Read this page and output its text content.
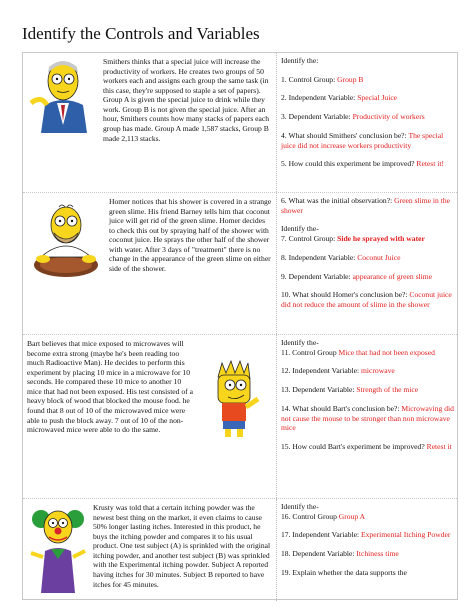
Identify the Controls and Variables

Smithers thinks that a special juice will increase the productivity of workers. He creates two groups of 50 workers each and assigns each group the same task (in this case, they're supposed to staple a set of papers). Group A is given the special juice to drink while they work. Group B is not given the special juice. After an hour, Smithers counts how many stacks of papers each group has made. Group A made 1,587 stacks, Group B made 2,113 stacks.

Identify the:

1. Control Group: Group B

2. Independent Variable: Special Juice

3. Dependent Variable: Productivity of workers

4. What should Smithers' conclusion be?: The special juice did not increase workers productivity

5. How could this experiment be improved? Retest it!

Homer notices that his shower is covered in a strange green slime. His friend Barney tells him that coconut juice will get rid of the green slime. Homer decides to check this out by spraying half of the shower with coconut juice. He sprays the other half of the shower with water. After 3 days of "treatment" there is no change in the appearance of the green slime on either side of the shower.

6. What was the initial observation?: Green slime in the shower

Identify the-

7. Control Group: Side he sprayed with water

8. Independent Variable: Coconut Juice

9. Dependent Variable: appearance of green slime

10. What should Homer's conclusion be?: Coconut juice did not reduce the amount of slime in the shower

Bart believes that mice exposed to microwaves will become extra strong (maybe he's been reading too much Radioactive Man). He decides to perform this experiment by placing 10 mice in a microwave for 10 seconds. He compared these 10 mice to another 10 mice that had not been exposed. His test consisted of a heavy block of wood that blocked the mouse food. he found that 8 out of 10 of the microwaved mice were able to push the block away. 7 out of 10 of the non-microwaved mice were able to do the same.

Identify the-

11. Control Group Mice that had not been exposed

12. Independent Variable: microwave

13. Dependent Variable: Strength of the mice

14. What should Bart's conclusion be?: Microwaving did not cause the mouse to be stronger than non microwave mice

15. How could Bart's experiment be improved? Retest it

Krusty was told that a certain itching powder was the newest best thing on the market, it even claims to cause 50% longer lasting itches. Interested in this product, he buys the itching powder and compares it to his usual product. One test subject (A) is sprinkled with the original itching powder, and another test subject (B) was sprinkled with the Experimental itching powder. Subject A reported having itches for 30 minutes. Subject B reported to have itches for 45 minutes.

Identify the-

16. Control Group Group A

17. Independent Variable: Experimental Itching Powder

18. Dependent Variable: Itchiness time

19. Explain whether the data supports the
